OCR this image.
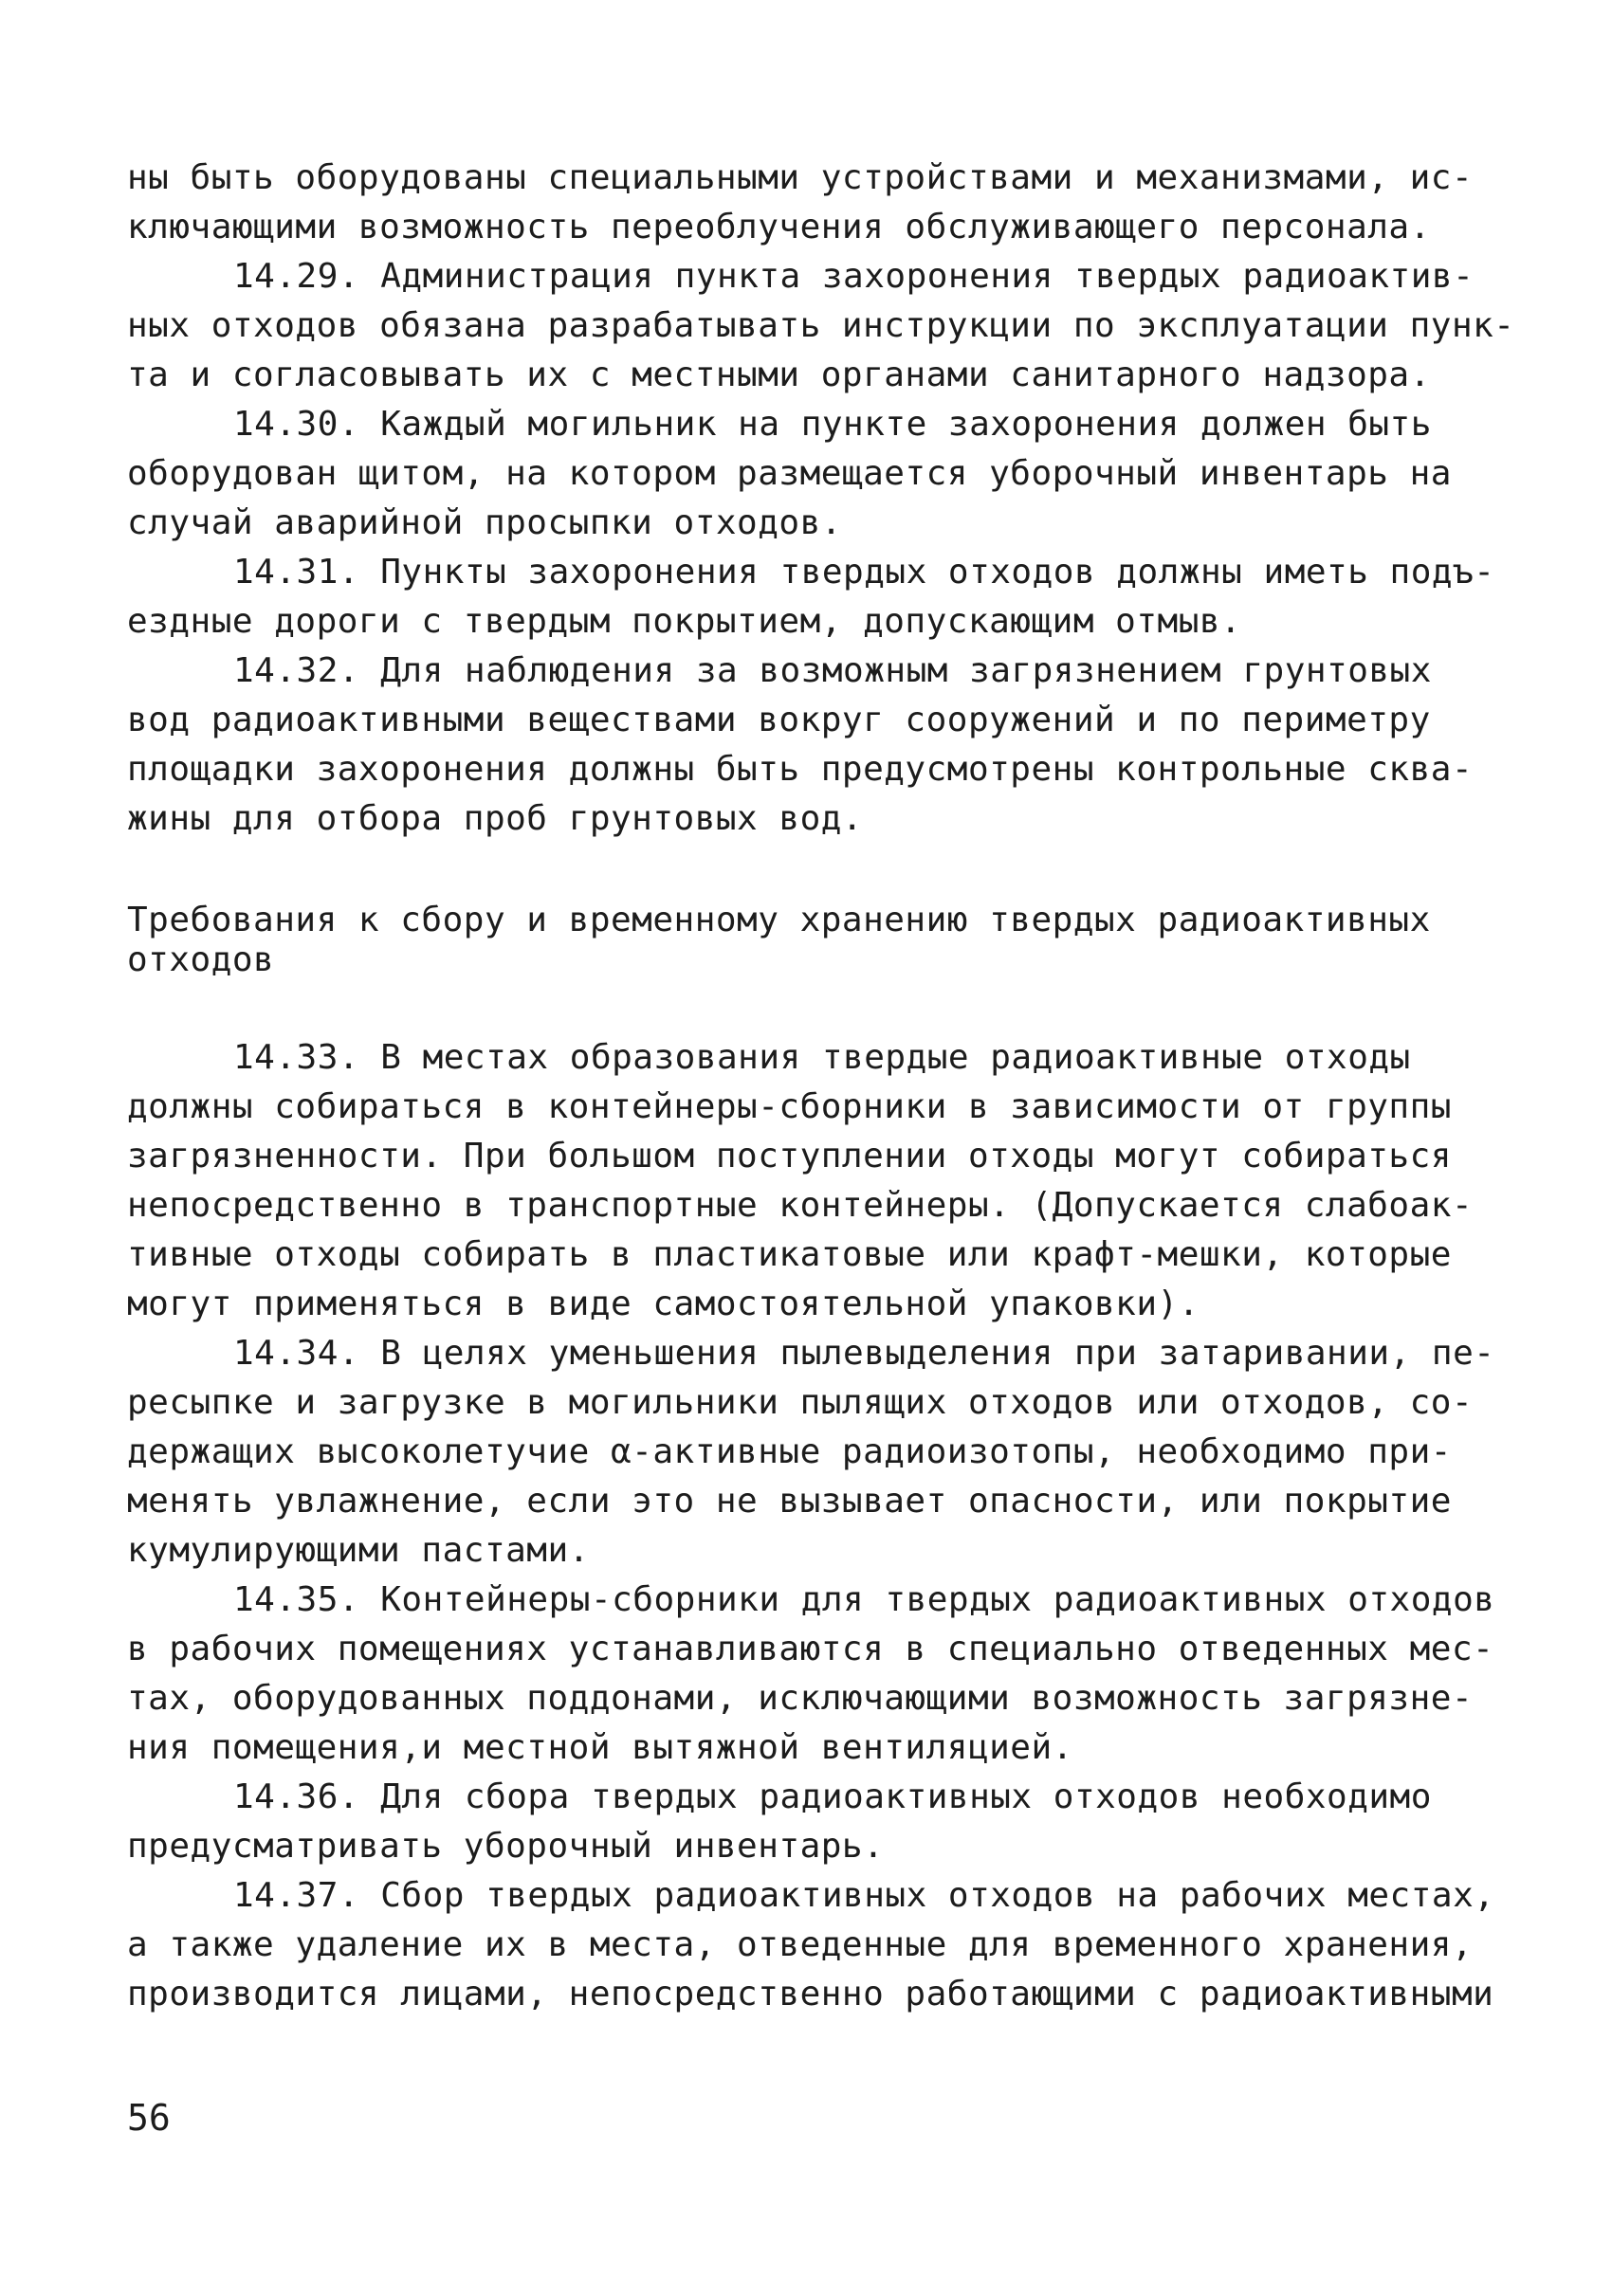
ны быть оборудованы специальными устройствами и механизмами, ис-
ключающими возможность переоблучения обслуживающего персонала.
14.29. Администрация пункта захоронения твердых радиоактив-
ных отходов обязана разрабатывать инструкции по эксплуатации пунк-
та и согласовывать их с местными органами санитарного надзора.
14.30. Каждый могильник на пункте захоронения должен быть
оборудован щитом, на котором размещается уборочный инвентарь на
случай аварийной просыпки отходов.
14.31. Пункты захоронения твердых отходов должны иметь подъ-
ездные дороги с твердым покрытием, допускающим отмыв.
14.32. Для наблюдения за возможным загрязнением грунтовых
вод радиоактивными веществами вокруг сооружений и по периметру
площадки захоронения должны быть предусмотрены контрольные сква-
жины для отбора проб грунтовых вод.
Требования к сбору и временному хранению твердых радиоактивных
отходов
14.33. В местах образования твердые радиоактивные отходы
должны собираться в контейнеры-сборники в зависимости от группы
загрязненности. При большом поступлении отходы могут собираться
непосредственно в транспортные контейнеры. (Допускается слабоак-
тивные отходы собирать в пластикатовые или крафт-мешки, которые
могут применяться в виде самостоятельной упаковки).
14.34. В целях уменьшения пылевыделения при затаривании, пе-
ресыпке и загрузке в могильники пылящих отходов или отходов, со-
держащих высоколетучие α-активные радиоизотопы, необходимо при-
менять увлажнение, если это не вызывает опасности, или покрытие
кумулирующими пастами.
14.35. Контейнеры-сборники для твердых радиоактивных отходов
в рабочих помещениях устанавливаются в специально отведенных мес-
тах, оборудованных поддонами, исключающими возможность загрязне-
ния помещения,и местной вытяжной вентиляцией.
14.36. Для сбора твердых радиоактивных отходов необходимо
предусматривать уборочный инвентарь.
14.37. Сбор твердых радиоактивных отходов на рабочих местах,
а также удаление их в места, отведенные для временного хранения,
производится лицами, непосредственно работающими с радиоактивными
56
